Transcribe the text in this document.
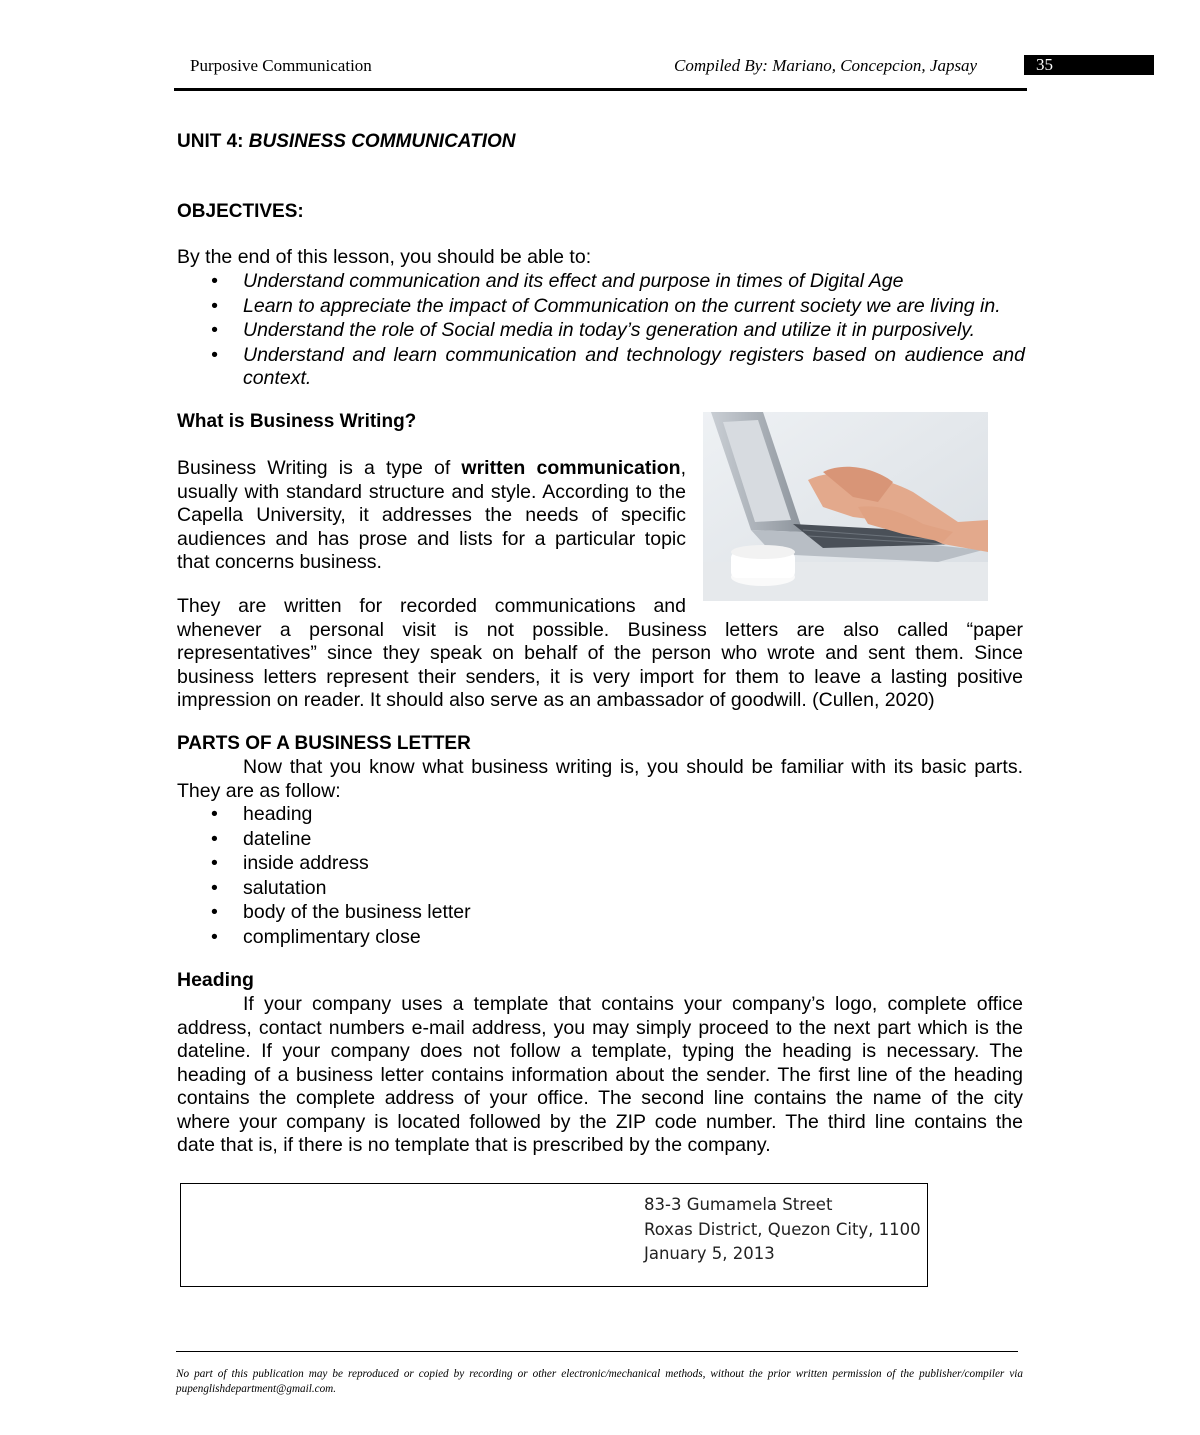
Purposive Communication	Compiled By: Mariano, Concepcion, Japsay	35
UNIT 4: BUSINESS COMMUNICATION
OBJECTIVES:
By the end of this lesson, you should be able to:
• Understand communication and its effect and purpose in times of Digital Age
• Learn to appreciate the impact of Communication on the current society we are living in.
• Understand the role of Social media in today’s generation and utilize it in purposively.
• Understand and learn communication and technology registers based on audience and
context.
What is Business Writing?
Business Writing is a type of written communication,
usually with standard structure and style. According to the
Capella University, it addresses the needs of specific
audiences and has prose and lists for a particular topic
that concerns business.
They are written for recorded communications and
whenever a personal visit is not possible. Business letters are also called “paper
representatives” since they speak on behalf of the person who wrote and sent them. Since
business letters represent their senders, it is very import for them to leave a lasting positive
impression on reader. It should also serve as an ambassador of goodwill. (Cullen, 2020)
PARTS OF A BUSINESS LETTER
Now that you know what business writing is, you should be familiar with its basic parts.
They are as follow:
• heading
• dateline
• inside address
• salutation
• body of the business letter
• complimentary close
Heading
If your company uses a template that contains your company’s logo, complete office
address, contact numbers e-mail address, you may simply proceed to the next part which is the
dateline. If your company does not follow a template, typing the heading is necessary. The
heading of a business letter contains information about the sender. The first line of the heading
contains the complete address of your office. The second line contains the name of the city
where your company is located followed by the ZIP code number. The third line contains the
date that is, if there is no template that is prescribed by the company.
83-3 Gumamela Street
Roxas District, Quezon City, 1100
January 5, 2013
No part of this publication may be reproduced or copied by recording or other electronic/mechanical methods, without the prior written permission of the publisher/compiler via pupenglishdepartment@gmail.com.
